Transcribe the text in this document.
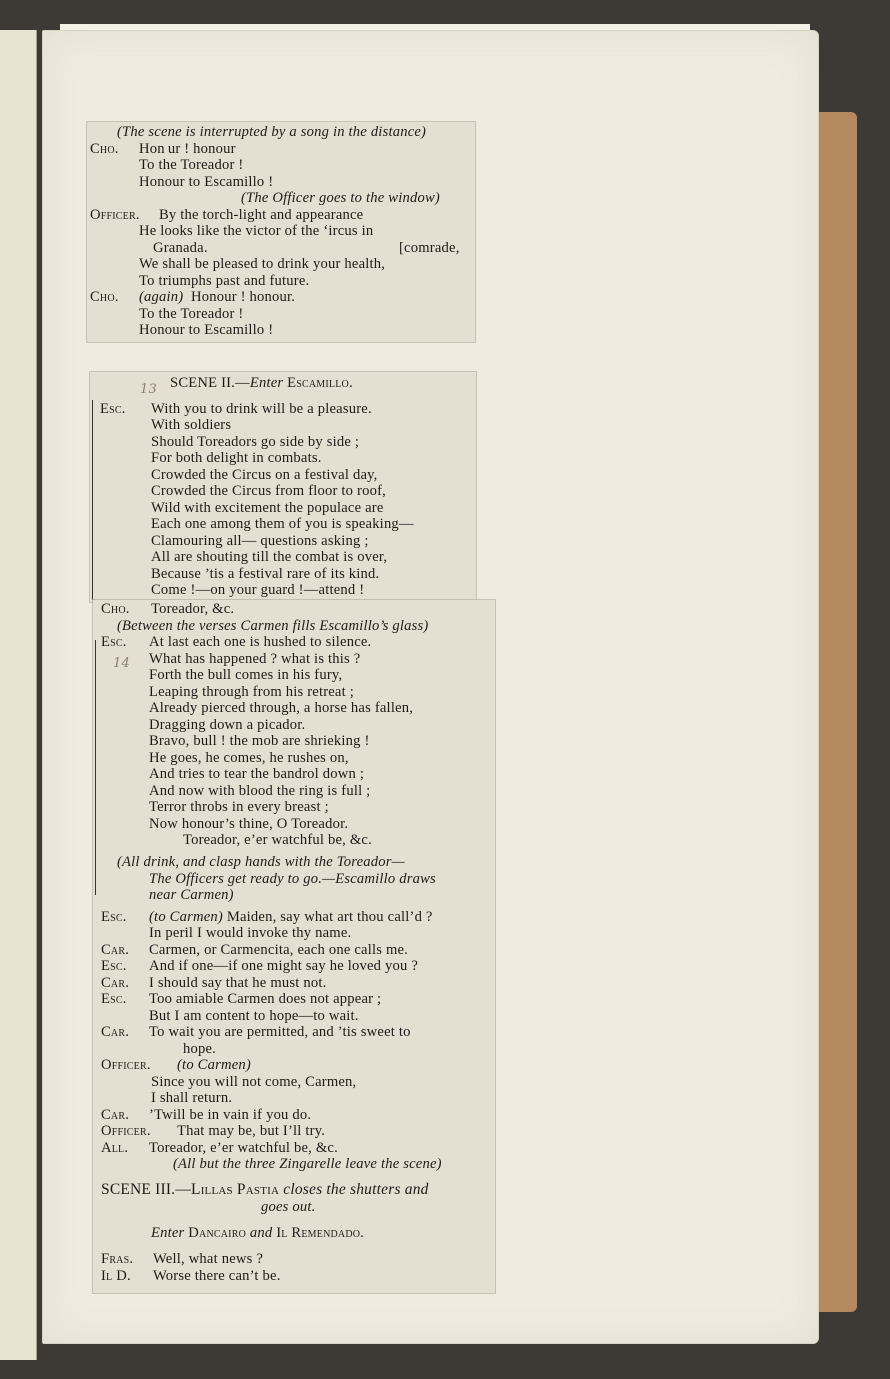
(The scene is interrupted by a song in the distance)
Cho. Hon ur ! honour
To the Toreador !
Honour to Escamillo !
(The Officer goes to the window)
Officer. By the torch-light and appearance
He looks like the victor of the ‘ircus in
Granada.	[comrade,
We shall be pleased to drink your health,
To triumphs past and future.
Cho. (again) Honour ! honour.
To the Toreador !
Honour to Escamillo !
13 SCENE II.—Enter Escamillo.
Esc. With you to drink will be a pleasure.
With soldiers
Should Toreadors go side by side ;
For both delight in combats.
Crowded the Circus on a festival day,
Crowded the Circus from floor to roof,
Wild with excitement the populace are
Each one among them of you is speaking—
Clamouring all— questions asking ;
All are shouting till the combat is over,
Because ’tis a festival rare of its kind.
Come !—on your guard !—attend !
Cho. Toreador, &c.
(Between the verses Carmen fills Escamillo’s glass)
Esc.
14
At last each one is hushed to silence.
What has happened ? what is this ?
Forth the bull comes in his fury,
Leaping through from his retreat ;
Already pierced through, a horse has fallen,
Dragging down a picador.
Bravo, bull ! the mob are shrieking !
He goes, he comes, he rushes on,
And tries to tear the bandrol down ;
And now with blood the ring is full ;
Terror throbs in every breast ;
Now honour’s thine, O Toreador.
Toreador, e’er watchful be, &c.
(All drink, and clasp hands with the Toreador—
The Officers get ready to go.—Escamillo draws
near Carmen)
Esc. (to Carmen) Maiden, say what art thou call’d ?
In peril I would invoke thy name.
Car. Carmen, or Carmencita, each one calls me.
Esc. And if one—if one might say he loved you ?
Car. I should say that he must not.
Esc. Too amiable Carmen does not appear ;
But I am content to hope—to wait.
Car. To wait you are permitted, and ’tis sweet to
hope.
Officer. (to Carmen)
Since you will not come, Carmen,
I shall return.
Car. ’Twill be in vain if you do.
Officer. That may be, but I’ll try.
All. Toreador, e’er watchful be, &c.
(All but the three Zingarelle leave the scene)
SCENE III.—Lillas Pastia closes the shutters and
goes out.
Enter Dancairo and Il Remendado.
Fras. Well, what news ?
Il D. Worse there can’t be.
